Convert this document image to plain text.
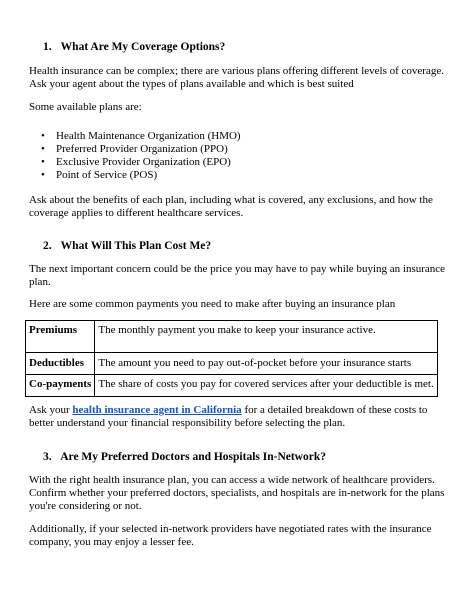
1. What Are My Coverage Options?
Health insurance can be complex; there are various plans offering different levels of coverage.
Ask your agent about the types of plans available and which is best suited
Some available plans are:
• Health Maintenance Organization (HMO)
• Preferred Provider Organization (PPO)
• Exclusive Provider Organization (EPO)
• Point of Service (POS)
Ask about the benefits of each plan, including what is covered, any exclusions, and how the
coverage applies to different healthcare services.
2. What Will This Plan Cost Me?
The next important concern could be the price you may have to pay while buying an insurance
plan.
Here are some common payments you need to make after buying an insurance plan
Premiums	The monthly payment you make to keep your insurance active.
Deductibles	The amount you need to pay out-of-pocket before your insurance starts
Co-payments	The share of costs you pay for covered services after your deductible is met.
Ask your health insurance agent in California for a detailed breakdown of these costs to
better understand your financial responsibility before selecting the plan.
3. Are My Preferred Doctors and Hospitals In-Network?
With the right health insurance plan, you can access a wide network of healthcare providers.
Confirm whether your preferred doctors, specialists, and hospitals are in-network for the plans
you're considering or not.
Additionally, if your selected in-network providers have negotiated rates with the insurance
company, you may enjoy a lesser fee.
